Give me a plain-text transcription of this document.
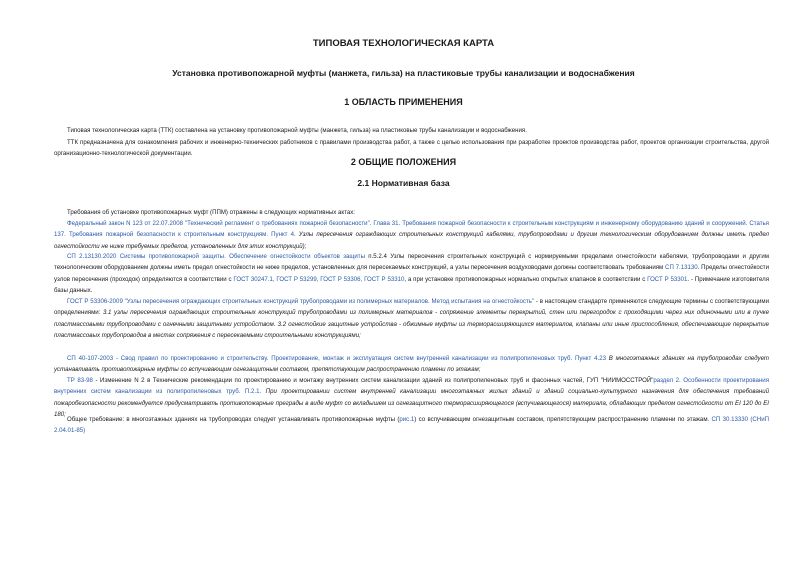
ТИПОВАЯ ТЕХНОЛОГИЧЕСКАЯ КАРТА
Установка противопожарной муфты (манжета, гильза) на пластиковые трубы канализации и водоснабжения
1 ОБЛАСТЬ ПРИМЕНЕНИЯ

Типовая технологическая карта (ТТК) составлена на установку противопожарной муфты (манжета, гильза) на пластиковые трубы канализации и водоснабжения.

ТТК предназначена для ознакомления рабочих и инженерно-технических работников с правилами производства работ, а также с целью использования при разработке проектов производства работ, проектов организации строительства, другой организационно-технологической документации.

2 ОБЩИЕ ПОЛОЖЕНИЯ
2.1 Нормативная база

Требования об установке противопожарных муфт (ППМ) отражены в следующих нормативных актах:

Федеральный закон N 123 от 22.07.2008 "Технический регламент о требованиях пожарной безопасности". Глава 31. Требования пожарной безопасности к строительным конструкциям и инженерному оборудованию зданий и сооружений. Статья 137. Требования пожарной безопасности к строительным конструкциям. Пункт 4. Узлы пересечения ограждающих строительных конструкций кабелями, трубопроводами и другим технологическим оборудованием должны иметь предел огнестойкости не ниже требуемых пределов, установленных для этих конструкций);

СП 2.13130.2020 Системы противопожарной защиты. Обеспечение огнестойкости объектов защиты п.5.2.4 Узлы пересечения строительных конструкций с нормируемыми пределами огнестойкости кабелями, трубопроводами и другим технологическим оборудованием должны иметь предел огнестойкости не ниже пределов, установленных для пересекаемых конструкций, а узлы пересечения воздуховодами должны соответствовать требованиям СП 7.13130. Пределы огнестойкости узлов пересечения (проходок) определяются в соответствии с ГОСТ 30247.1, ГОСТ Р 53299, ГОСТ Р 53306, ГОСТ Р 53310, а при установке противопожарных нормально открытых клапанов в соответствии с ГОСТ Р 53301. - Примечание изготовителя базы данных.

ГОСТ Р 53306-2009 "Узлы пересечения ограждающих строительных конструкций трубопроводами из полимерных материалов. Метод испытания на огнестойкость" - в настоящем стандарте применяются следующие термины с соответствующими определениями: 3.1 узлы пересечения ограждающих строительных конструкций трубопроводами из полимерных материалов - сопряжение элементы перекрытий, стен или перегородок с проходящими через них одиночными или в пучке пластмассовыми трубопроводами с огнечными защитными устройством. 3.2 огнестойкие защитные устройства - обжимные муфты из терморасширяющихся материалов, клапаны или иные приспособления, обеспечивающие перекрытие пластмассовых трубопроводов в местах сопряжения с пересекаемыми строительными конструкциями;

СП 40-107-2003 - Свод правил по проектированию и строительству. Проектирование, монтаж и эксплуатация систем внутренней канализации из полипропиленовых труб. Пункт 4.23 В многоэтажных зданиях на трубопроводах следует устанавливать противопожарные муфты со вспучивающим огнезащитным составом, препятствующим распространению пламени по этажам;

ТР 83-98 - Изменение N 2 в Технические рекомендации по проектированию и монтажу внутренних систем канализации зданий из полипропиленовых труб и фасонных частей, ГУП "НИИМОССТРОЙ"раздел 2. Особенности проектирования внутренних систем канализации из полипропиленовых труб. П.2.1. При проектировании систем внутренней канализации многоэтажных жилых зданий и зданий социально-культурного назначения для обеспечения требований пожаробезопасности рекомендуется предусматривать противопожарные преграды в виде муфт со вкладышем из огнезащитного терморасширяющегося (вспучивающегося) материала, обладающих пределом огнестойкости от EI 120 до EI 180;

Общее требование: в многоэтажных зданиях на трубопроводах следует устанавливать противопожарные муфты (рис.1) со вспучивающим огнезащитным составом, препятствующим распространению пламени по этажам. СП 30.13330 (СНиП 2.04.01-85)
